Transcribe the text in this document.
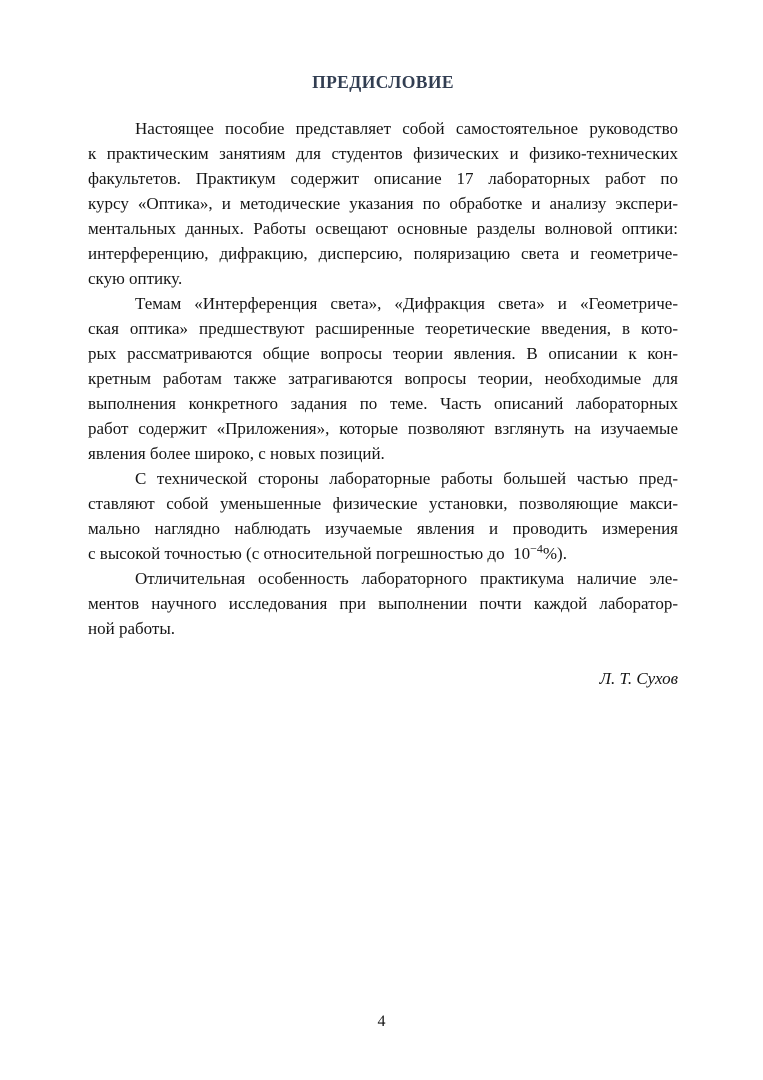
ПРЕДИСЛОВИЕ
Настоящее пособие представляет собой самостоятельное руководство
к практическим занятиям для студентов физических и физико-технических
факультетов. Практикум содержит описание 17 лабораторных работ по
курсу «Оптика», и методические указания по обработке и анализу экспери-
ментальных данных. Работы освещают основные разделы волновой оптики:
интерференцию, дифракцию, дисперсию, поляризацию света и геометриче-
скую оптику.
Темам «Интерференция света», «Дифракция света» и «Геометриче-
ская оптика» предшествуют расширенные теоретические введения, в кото-
рых рассматриваются общие вопросы теории явления. В описании к кон-
кретным работам также затрагиваются вопросы теории, необходимые для
выполнения конкретного задания по теме. Часть описаний лабораторных
работ содержит «Приложения», которые позволяют взглянуть на изучаемые
явления более широко, с новых позиций.
С технической стороны лабораторные работы большей частью пред-
ставляют собой уменьшенные физические установки, позволяющие макси-
мально наглядно наблюдать изучаемые явления и проводить измерения
с высокой точностью (с относительной погрешностью до  $10^{-4}\%$).
Отличительная особенность лабораторного практикума наличие эле-
ментов научного исследования при выполнении почти каждой лаборатор-
ной работы.
Л. Т. Сухов
4
